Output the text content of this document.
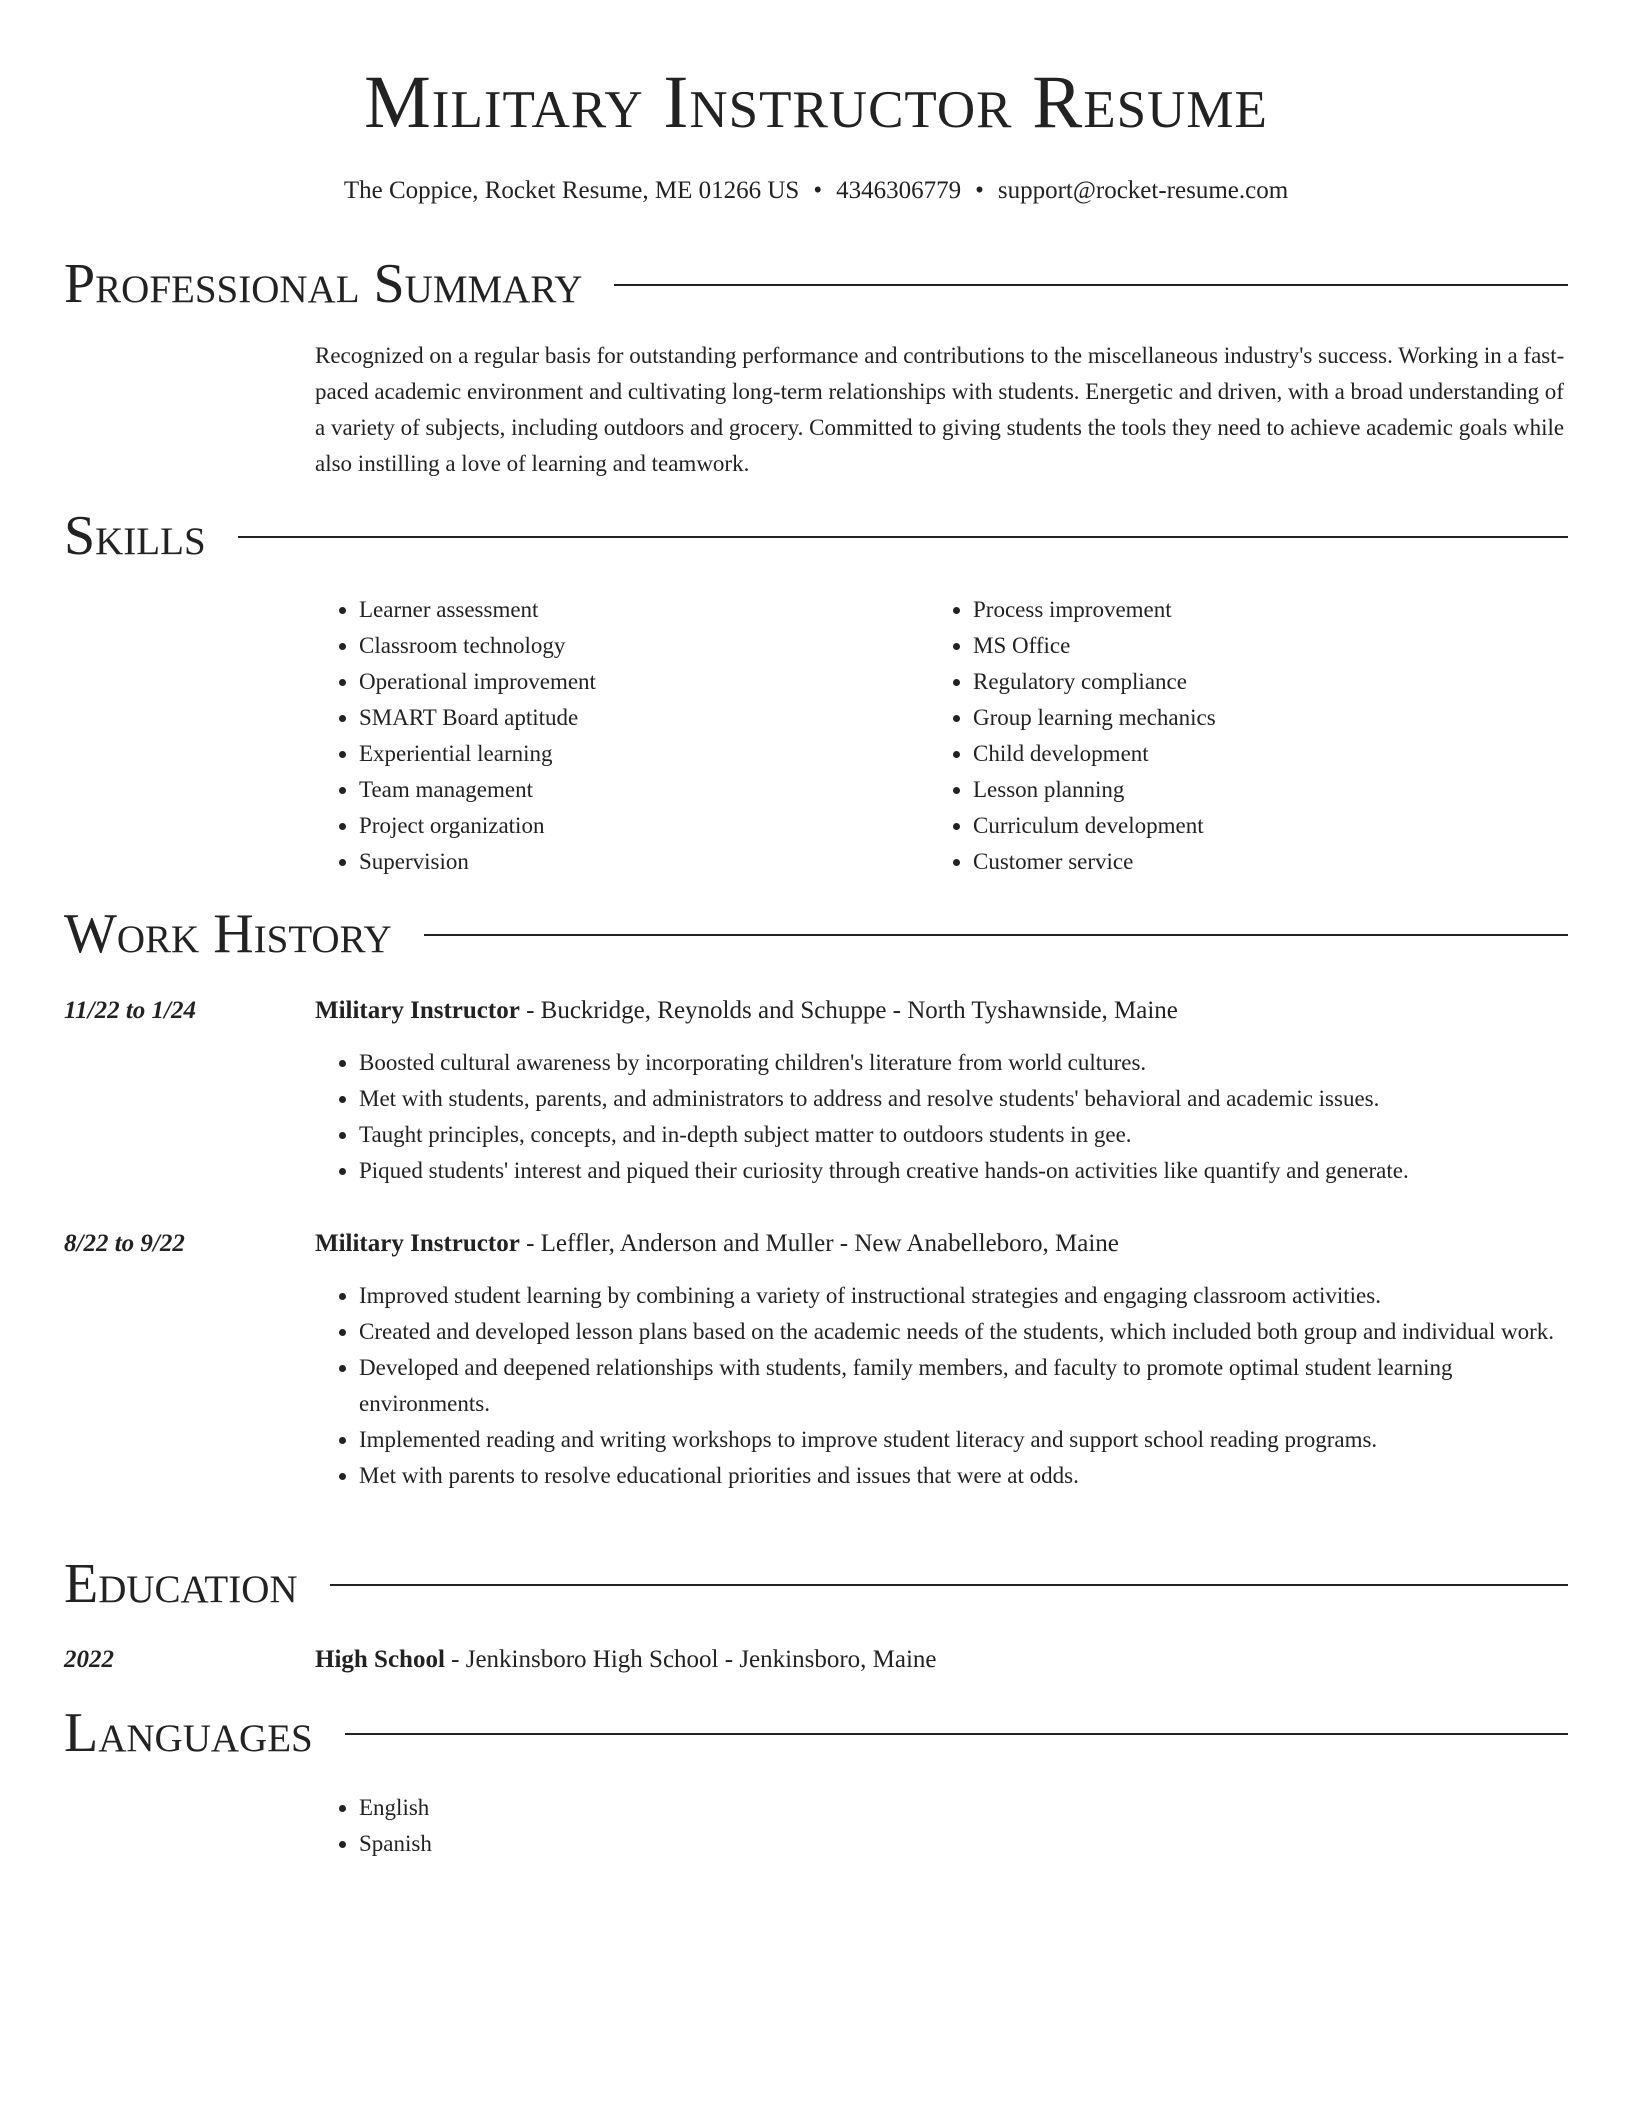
Military Instructor Resume
The Coppice, Rocket Resume, ME 01266 US • 4346306779 • support@rocket-resume.com
Professional Summary

Recognized on a regular basis for outstanding performance and contributions to the miscellaneous industry's success. Working in a fast-paced academic environment and cultivating long-term relationships with students. Energetic and driven, with a broad understanding of a variety of subjects, including outdoors and grocery. Committed to giving students the tools they need to achieve academic goals while also instilling a love of learning and teamwork.

Skills
• Learner assessment
• Classroom technology
• Operational improvement
• SMART Board aptitude
• Experiential learning
• Team management
• Project organization
• Supervision
• Process improvement
• MS Office
• Regulatory compliance
• Group learning mechanics
• Child development
• Lesson planning
• Curriculum development
• Customer service
Work History
11/22 to 1/24	Military Instructor - Buckridge, Reynolds and Schuppe - North Tyshawnside, Maine
• Boosted cultural awareness by incorporating children's literature from world cultures.
• Met with students, parents, and administrators to address and resolve students' behavioral and academic issues.
• Taught principles, concepts, and in-depth subject matter to outdoors students in gee.
• Piqued students' interest and piqued their curiosity through creative hands-on activities like quantify and generate.
8/22 to 9/22	Military Instructor - Leffler, Anderson and Muller - New Anabelleboro, Maine
• Improved student learning by combining a variety of instructional strategies and engaging classroom activities.
• Created and developed lesson plans based on the academic needs of the students, which included both group and individual work.
• Developed and deepened relationships with students, family members, and faculty to promote optimal student learning environments.
• Implemented reading and writing workshops to improve student literacy and support school reading programs.
• Met with parents to resolve educational priorities and issues that were at odds.
Education
2022	High School - Jenkinsboro High School - Jenkinsboro, Maine
Languages
• English
• Spanish
